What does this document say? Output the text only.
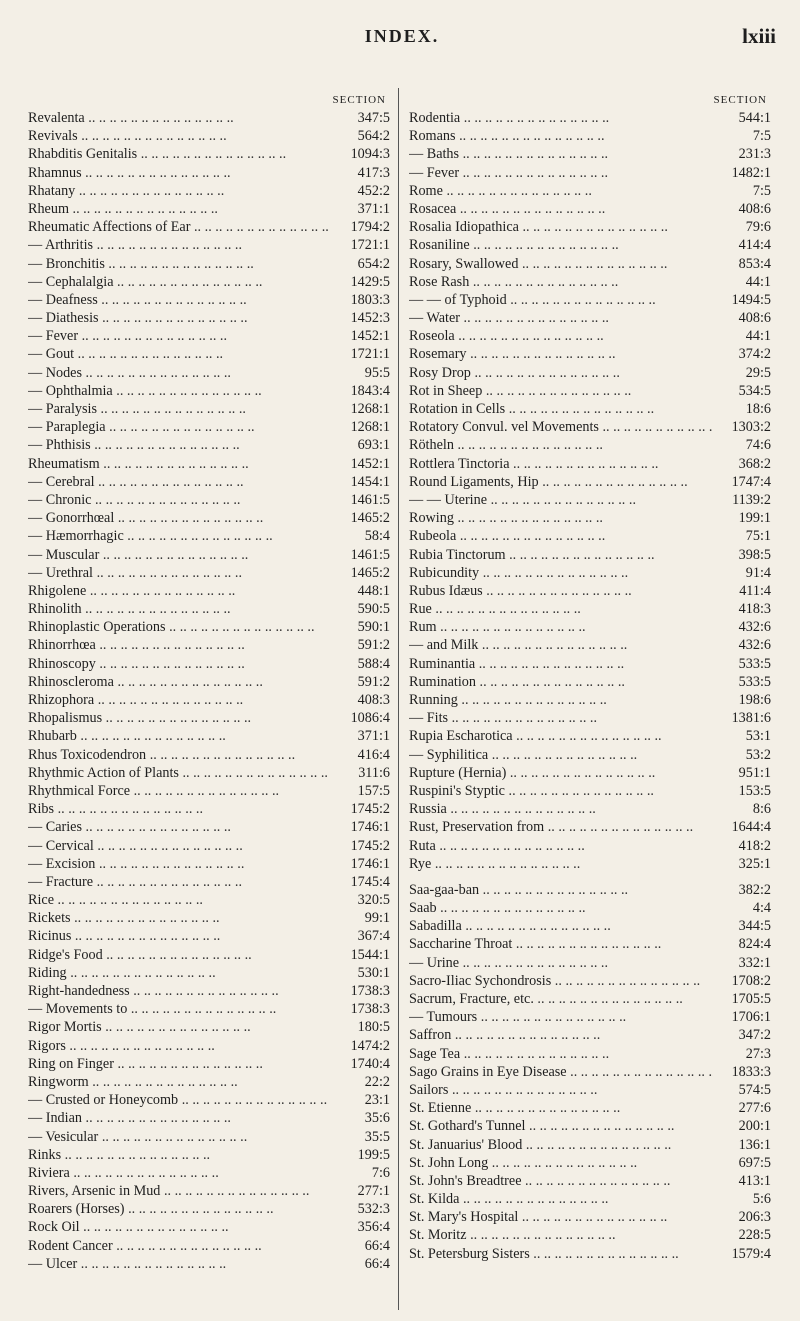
INDEX.	lxiii
SECTION
Revalenta ..	347:5
Revivals ..	564:2
Rhabditis Genitalis ..	1094:3
Rhamnus ..	417:3
Rhatany ..	452:2
Rheum ..	371:1
Rheumatic Affections of Ear ..	1794:2
— Arthritis ..	1721:1
— Bronchitis ..	654:2
— Cephalalgia ..	1429:5
— Deafness ..	1803:3
— Diathesis ..	1452:3
— Fever ..	1452:1
— Gout ..	1721:1
— Nodes ..	95:5
— Ophthalmia ..	1843:4
— Paralysis ..	1268:1
— Paraplegia ..	1268:1
— Phthisis ..	693:1
Rheumatism ..	1452:1
— Cerebral ..	1454:1
— Chronic ..	1461:5
— Gonorrhœal ..	1465:2
— Hæmorrhagic ..	58:4
— Muscular ..	1461:5
— Urethral ..	1465:2
Rhigolene ..	448:1
Rhinolith ..	590:5
Rhinoplastic Operations ..	590:1
Rhinorrhœa ..	591:2
Rhinoscopy ..	588:4
Rhinoscleroma ..	591:2
Rhizophora ..	408:3
Rhopalismus ..	1086:4
Rhubarb ..	371:1
Rhus Toxicodendron ..	416:4
Rhythmic Action of Plants ..	311:6
Rhythmical Force ..	157:5
Ribs ..	1745:2
— Caries ..	1746:1
— Cervical ..	1745:2
— Excision ..	1746:1
— Fracture ..	1745:4
Rice ..	320:5
Rickets ..	99:1
Ricinus ..	367:4
Ridge's Food ..	1544:1
Riding ..	530:1
Right-handedness ..	1738:3
— Movements to ..	1738:3
Rigor Mortis ..	180:5
Rigors ..	1474:2
Ring on Finger ..	1740:4
Ringworm ..	22:2
— Crusted or Honeycomb ..	23:1
— Indian ..	35:6
— Vesicular ..	35:5
Rinks ..	199:5
Riviera ..	7:6
Rivers, Arsenic in Mud ..	277:1
Roarers (Horses) ..	532:3
Rock Oil ..	356:4
Rodent Cancer ..	66:4
— Ulcer ..	66:4
SECTION
Rodentia ..	544:1
Romans ..	7:5
— Baths ..	231:3
— Fever ..	1482:1
Rome ..	7:5
Rosacea ..	408:6
Rosalia Idiopathica ..	79:6
Rosaniline ..	414:4
Rosary, Swallowed ..	853:4
Rose Rash ..	44:1
— — of Typhoid ..	1494:5
— Water ..	408:6
Roseola ..	44:1
Rosemary ..	374:2
Rosy Drop ..	29:5
Rot in Sheep ..	534:5
Rotation in Cells ..	18:6
Rotatory Convul. vel Movements ..	1303:2
Rötheln ..	74:6
Rottlera Tinctoria ..	368:2
Round Ligaments, Hip ..	1747:4
— — Uterine ..	1139:2
Rowing ..	199:1
Rubeola ..	75:1
Rubia Tinctorum ..	398:5
Rubicundity ..	91:4
Rubus Idæus ..	411:4
Rue ..	418:3
Rum ..	432:6
— and Milk ..	432:6
Ruminantia ..	533:5
Rumination ..	533:5
Running ..	198:6
— Fits ..	1381:6
Rupia Escharotica ..	53:1
— Syphilitica ..	53:2
Rupture (Hernia) ..	951:1
Ruspini's Styptic ..	153:5
Russia ..	8:6
Rust, Preservation from ..	1644:4
Ruta ..	418:2
Rye ..	325:1
Saa-gaa-ban ..	382:2
Saab ..	4:4
Sabadilla ..	344:5
Saccharine Throat ..	824:4
— Urine ..	332:1
Sacro-Iliac Sychondrosis ..	1708:2
Sacrum, Fracture, etc. ..	1705:5
— Tumours ..	1706:1
Saffron ..	347:2
Sage Tea ..	27:3
Sago Grains in Eye Disease ..	1833:3
Sailors ..	574:5
St. Etienne ..	277:6
St. Gothard's Tunnel ..	200:1
St. Januarius' Blood ..	136:1
St. John Long ..	697:5
St. John's Breadtree ..	413:1
St. Kilda ..	5:6
St. Mary's Hospital ..	206:3
St. Moritz ..	228:5
St. Petersburg Sisters ..	1579:4
